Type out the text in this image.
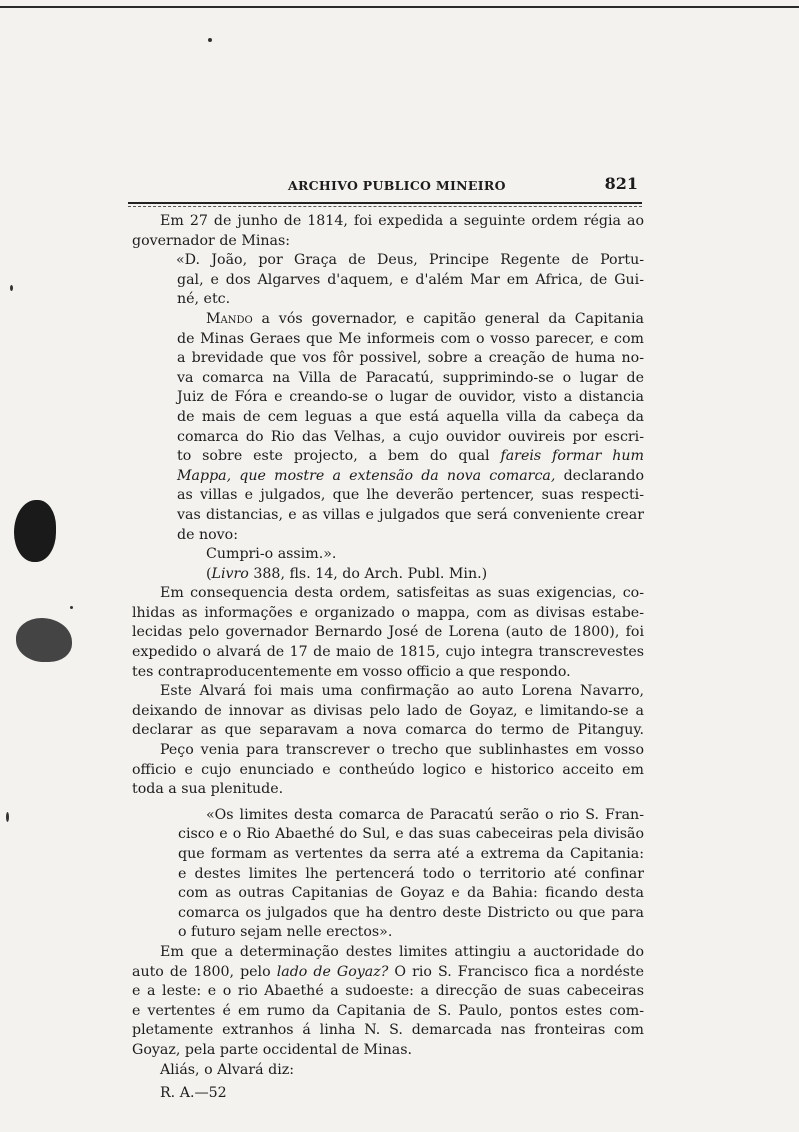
ARCHIVO PUBLICO MINEIRO	821
Em 27 de junho de 1814, foi expedida a seguinte ordem régia ao
governador de Minas:
«D. João, por Graça de Deus, Principe Regente de Portu-
gal, e dos Algarves d'aquem, e d'além Mar em Africa, de Gui-
né, etc.
Mando a vós governador, e capitão general da Capitania
de Minas Geraes que Me informeis com o vosso parecer, e com
a brevidade que vos fôr possivel, sobre a creação de huma no-
va comarca na Villa de Paracatú, supprimindo-se o lugar de
Juiz de Fóra e creando-se o lugar de ouvidor, visto a distancia
de mais de cem leguas a que está aquella villa da cabeça da
comarca do Rio das Velhas, a cujo ouvidor ouvireis por escri-
to sobre este projecto, a bem do qual fareis formar hum
Mappa, que mostre a extensão da nova comarca, declarando
as villas e julgados, que lhe deverão pertencer, suas respecti-
vas distancias, e as villas e julgados que será conveniente crear
de novo:
Cumpri-o assim.».
(Livro 388, fls. 14, do Arch. Publ. Min.)
Em consequencia desta ordem, satisfeitas as suas exigencias, co-
lhidas as informações e organizado o mappa, com as divisas estabe-
lecidas pelo governador Bernardo José de Lorena (auto de 1800), foi
expedido o alvará de 17 de maio de 1815, cujo integra transcrevestes
tes contraproducentemente em vosso officio a que respondo.
Este Alvará foi mais uma confirmação ao auto Lorena Navarro,
deixando de innovar as divisas pelo lado de Goyaz, e limitando-se a
declarar as que separavam a nova comarca do termo de Pitanguy.
Peço venia para transcrever o trecho que sublinhastes em vosso
officio e cujo enunciado e contheúdo logico e historico acceito em
toda a sua plenitude.
«Os limites desta comarca de Paracatú serão o rio S. Fran-
cisco e o Rio Abaethé do Sul, e das suas cabeceiras pela divisão
que formam as vertentes da serra até a extrema da Capitania:
e destes limites lhe pertencerá todo o territorio até confinar
com as outras Capitanias de Goyaz e da Bahia: ficando desta
comarca os julgados que ha dentro deste Districto ou que para
o futuro sejam nelle erectos».
Em que a determinação destes limites attingiu a auctoridade do
auto de 1800, pelo lado de Goyaz? O rio S. Francisco fica a nordéste
e a leste: e o rio Abaethé a sudoeste: a direcção de suas cabeceiras
e vertentes é em rumo da Capitania de S. Paulo, pontos estes com-
pletamente extranhos á linha N. S. demarcada nas fronteiras com
Goyaz, pela parte occidental de Minas.
Aliás, o Alvará diz:
R. A.—52
